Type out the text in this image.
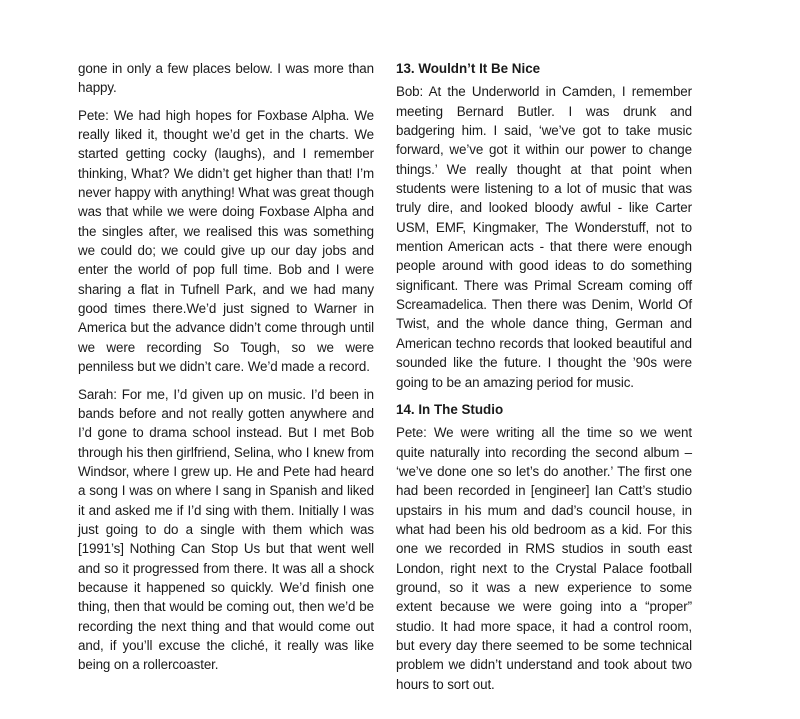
gone in only a few places below. I was more than happy.

Pete: We had high hopes for Foxbase Alpha. We really liked it, thought we’d get in the charts. We started getting cocky (laughs), and I remember thinking, What? We didn’t get higher than that! I’m never happy with anything! What was great though was that while we were doing Foxbase Alpha and the singles after, we realised this was something we could do; we could give up our day jobs and enter the world of pop full time. Bob and I were sharing a flat in Tufnell Park, and we had many good times there.We’d just signed to Warner in America but the advance didn’t come through until we were recording So Tough, so we were penniless but we didn’t care. We’d made a record.

Sarah: For me, I’d given up on music. I’d been in bands before and not really gotten anywhere and I’d gone to drama school instead. But I met Bob through his then girlfriend, Selina, who I knew from Windsor, where I grew up. He and Pete had heard a song I was on where I sang in Spanish and liked it and asked me if I’d sing with them. Initially I was just going to do a single with them which was [1991’s] Nothing Can Stop Us but that went well and so it progressed from there. It was all a shock because it happened so quickly. We’d finish one thing, then that would be coming out, then we’d be recording the next thing and that would come out and, if you’ll excuse the cliché, it really was like being on a rollercoaster.

13. Wouldn’t It Be Nice

Bob: At the Underworld in Camden, I remember meeting Bernard Butler. I was drunk and badgering him. I said, ‘we’ve got to take music forward, we’ve got it within our power to change things.’ We really thought at that point when students were listening to a lot of music that was truly dire, and looked bloody awful - like Carter USM, EMF, Kingmaker, The Wonderstuff, not to mention American acts - that there were enough people around with good ideas to do something significant. There was Primal Scream coming off Screamadelica. Then there was Denim, World Of Twist, and the whole dance thing, German and American techno records that looked beautiful and sounded like the future. I thought the ’90s were going to be an amazing period for music.

14. In The Studio

Pete: We were writing all the time so we went quite naturally into recording the second album – ‘we’ve done one so let’s do another.’ The first one had been recorded in [engineer] Ian Catt’s studio upstairs in his mum and dad’s council house, in what had been his old bedroom as a kid. For this one we recorded in RMS studios in south east London, right next to the Crystal Palace football ground, so it was a new experience to some extent because we were going into a “proper” studio. It had more space, it had a control room, but every day there seemed to be some technical problem we didn’t understand and took about two hours to sort out.
